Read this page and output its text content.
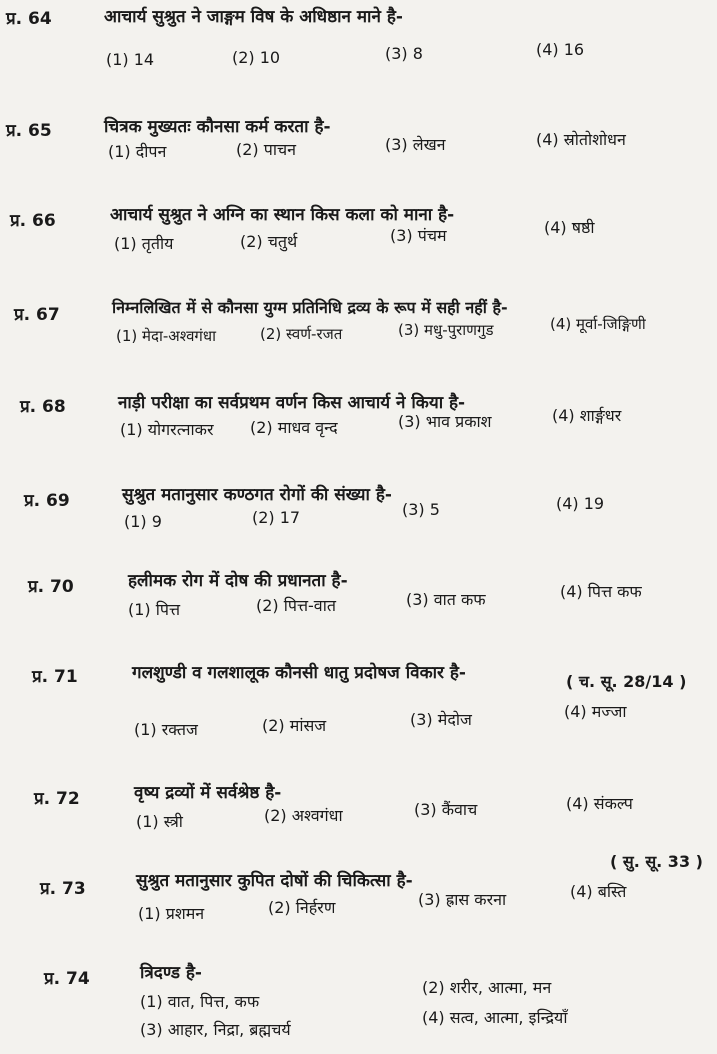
प्र. 64	आचार्य सुश्रुत ने जाङ्गम विष के अधिष्ठान माने है-
(1) 14	(2) 10	(3) 8	(4) 16
प्र. 65	चित्रक मुख्यतः कौनसा कर्म करता है-
(1) दीपन	(2) पाचन	(3) लेखन	(4) स्रोतोशोधन
प्र. 66	आचार्य सुश्रुत ने अग्नि का स्थान किस कला को माना है-
(1) तृतीय	(2) चतुर्थ	(3) पंचम	(4) षष्ठी
प्र. 67	निम्नलिखित में से कौनसा युग्म प्रतिनिधि द्रव्य के रूप में सही नहीं है-
(1) मेदा-अश्वगंधा	(2) स्वर्ण-रजत	(3) मधु-पुराणगुड	(4) मूर्वा-जिङ्गिणी
प्र. 68	नाड़ी परीक्षा का सर्वप्रथम वर्णन किस आचार्य ने किया है-
(1) योगरत्नाकर (2) माधव वृन्द	(3) भाव प्रकाश	(4) शार्ङ्गधर
प्र. 69	सुश्रुत मतानुसार कण्ठगत रोगों की संख्या है-
(1) 9	(2) 17	(3) 5	(4) 19
प्र. 70	हलीमक रोग में दोष की प्रधानता है-
(1) पित्त	(2) पित्त-वात	(3) वात कफ	(4) पित्त कफ
प्र. 71	गलशुण्डी व गलशालूक कौनसी धातु प्रदोषज विकार है-	( च. सू. 28/14 )
(1) रक्तज	(2) मांसज	(3) मेदोज	(4) मज्जा
प्र. 72	वृष्य द्रव्यों में सर्वश्रेष्ठ है-
(1) स्त्री	(2) अश्वगंधा	(3) कैंवाच	(4) संकल्प
प्र. 73	सुश्रुत मतानुसार कुपित दोषों की चिकित्सा है-
( सु. सू. 33 )
(1) प्रशमन	(2) निर्हरण	(3) ह्रास करना	(4) बस्ति
प्र. 74	त्रिदण्ड है-
(1) वात, पित्त, कफ
(2) शरीर, आत्मा, मन
(3) आहार, निद्रा, ब्रह्मचर्य
(4) सत्व, आत्मा, इन्द्रियाँ
